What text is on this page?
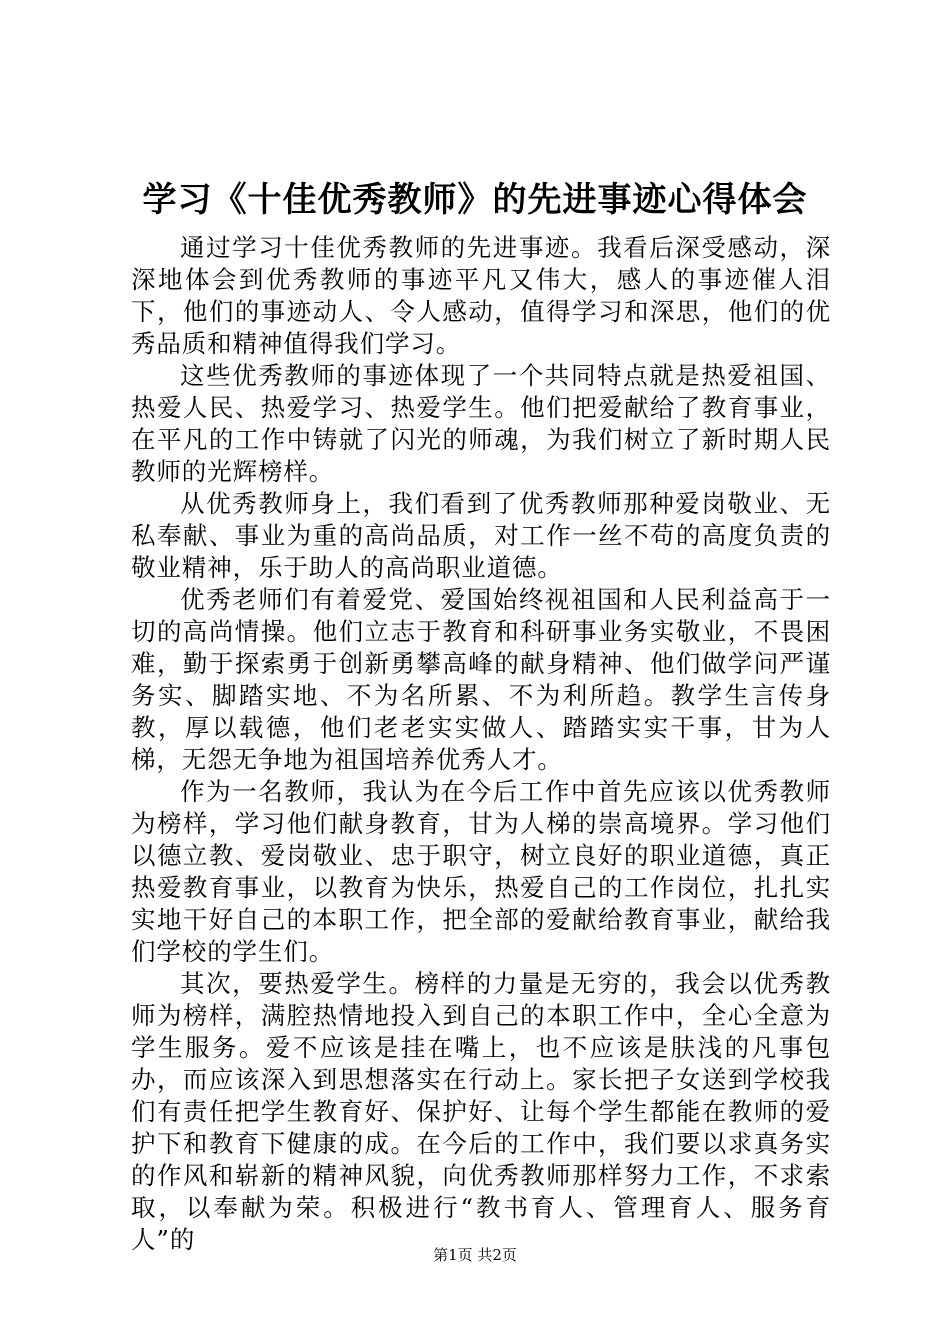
学习《十佳优秀教师》的先进事迹心得体会

通过学习十佳优秀教师的先进事迹。我看后深受感动，深深地体会到优秀教师的事迹平凡又伟大，感人的事迹催人泪下，他们的事迹动人、令人感动，值得学习和深思，他们的优秀品质和精神值得我们学习。

这些优秀教师的事迹体现了一个共同特点就是热爱祖国、热爱人民、热爱学习、热爱学生。他们把爱献给了教育事业，在平凡的工作中铸就了闪光的师魂，为我们树立了新时期人民教师的光辉榜样。

从优秀教师身上，我们看到了优秀教师那种爱岗敬业、无私奉献、事业为重的高尚品质，对工作一丝不苟的高度负责的敬业精神，乐于助人的高尚职业道德。

优秀老师们有着爱党、爱国始终视祖国和人民利益高于一切的高尚情操。他们立志于教育和科研事业务实敬业，不畏困难，勤于探索勇于创新勇攀高峰的献身精神、他们做学问严谨务实、脚踏实地、不为名所累、不为利所趋。教学生言传身教，厚以载德，他们老老实实做人、踏踏实实干事，甘为人梯，无怨无争地为祖国培养优秀人才。

作为一名教师，我认为在今后工作中首先应该以优秀教师为榜样，学习他们献身教育，甘为人梯的崇高境界。学习他们以德立教、爱岗敬业、忠于职守，树立良好的职业道德，真正热爱教育事业，以教育为快乐，热爱自己的工作岗位，扎扎实实地干好自己的本职工作，把全部的爱献给教育事业，献给我们学校的学生们。

其次，要热爱学生。榜样的力量是无穷的，我会以优秀教师为榜样，满腔热情地投入到自己的本职工作中，全心全意为学生服务。爱不应该是挂在嘴上，也不应该是肤浅的凡事包办，而应该深入到思想落实在行动上。家长把子女送到学校我们有责任把学生教育好、保护好、让每个学生都能在教师的爱护下和教育下健康的成。在今后的工作中，我们要以求真务实的作风和崭新的精神风貌，向优秀教师那样努力工作，不求索取，以奉献为荣。积极进行“教书育人、管理育人、服务育人”的

第1页 共2页
